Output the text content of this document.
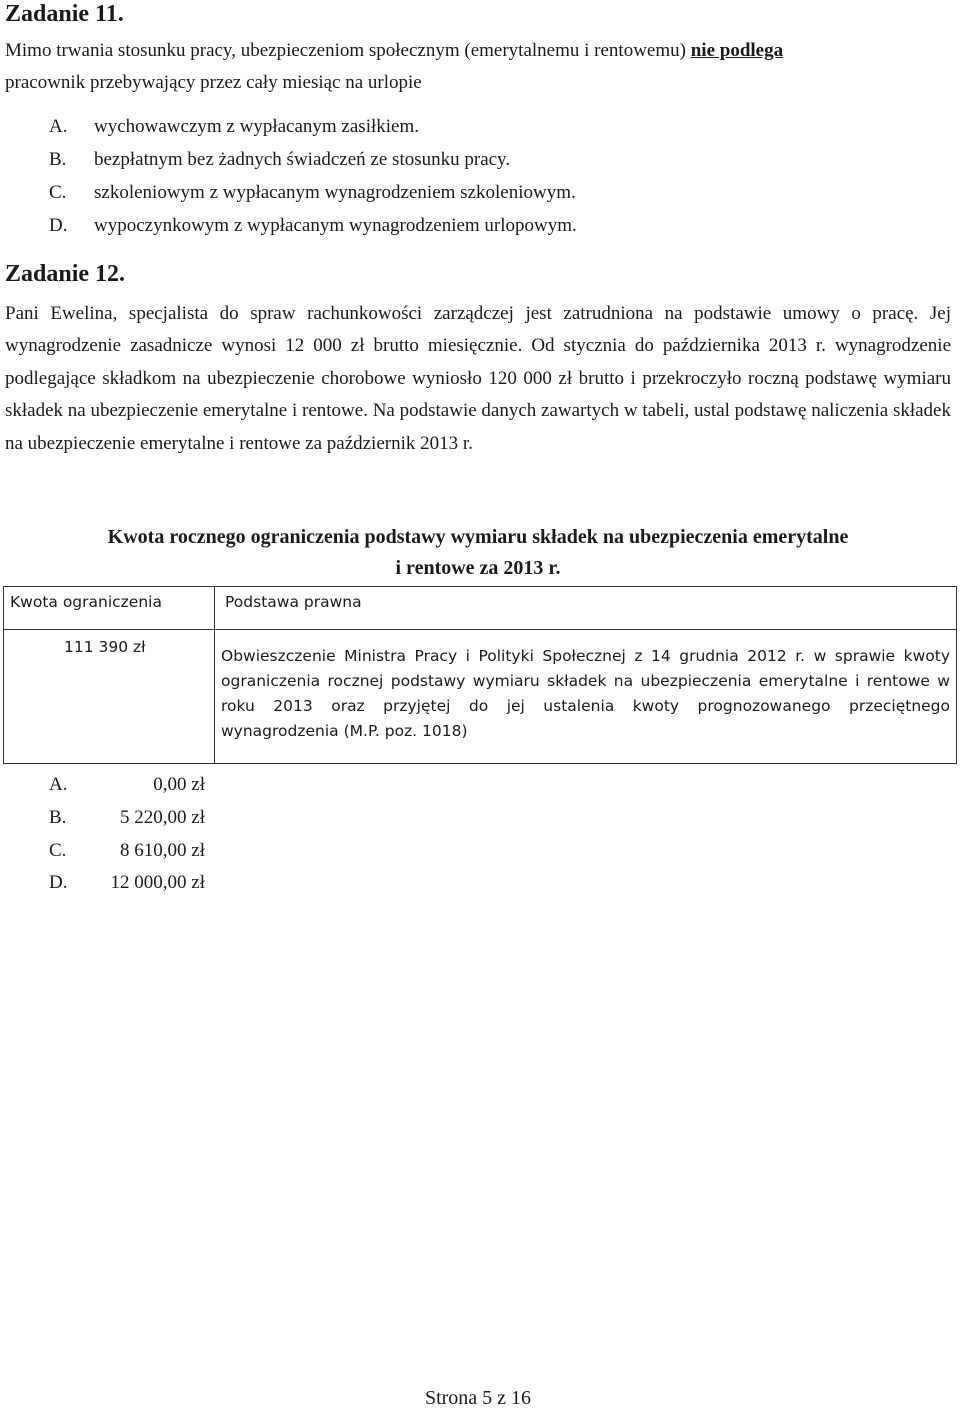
Zadanie 11.
Mimo trwania stosunku pracy, ubezpieczeniom społecznym (emerytalnemu i rentowemu) nie podlega
pracownik przebywający przez cały miesiąc na urlopie
A. wychowawczym z wypłacanym zasiłkiem.
B. bezpłatnym bez żadnych świadczeń ze stosunku pracy.
C. szkoleniowym z wypłacanym wynagrodzeniem szkoleniowym.
D. wypoczynkowym z wypłacanym wynagrodzeniem urlopowym.
Zadanie 12.

Pani Ewelina, specjalista do spraw rachunkowości zarządczej jest zatrudniona na podstawie umowy o pracę. Jej wynagrodzenie zasadnicze wynosi 12 000 zł brutto miesięcznie. Od stycznia do października 2013 r. wynagrodzenie podlegające składkom na ubezpieczenie chorobowe wyniosło 120 000 zł brutto i przekroczyło roczną podstawę wymiaru składek na ubezpieczenie emerytalne i rentowe. Na podstawie danych zawartych w tabeli, ustal podstawę naliczenia składek na ubezpieczenie emerytalne i rentowe za październik 2013 r.

Kwota rocznego ograniczenia podstawy wymiaru składek na ubezpieczenia emerytalne
i rentowe za 2013 r.
Kwota ograniczenia	Podstawa prawna

111 390 zł	Obwieszczenie Ministra Pracy i Polityki Społecznej z 14 grudnia 2012 r. w sprawie kwoty ograniczenia rocznej podstawy wymiaru składek na ubezpieczenia emerytalne i rentowe w roku 2013 oraz przyjętej do jej ustalenia kwoty prognozowanego przeciętnego wynagrodzenia (M.P. poz. 1018)
A.	0,00 zł
B.	5 220,00 zł
C.	8 610,00 zł
D. 12 000,00 zł
Strona 5 z 16
